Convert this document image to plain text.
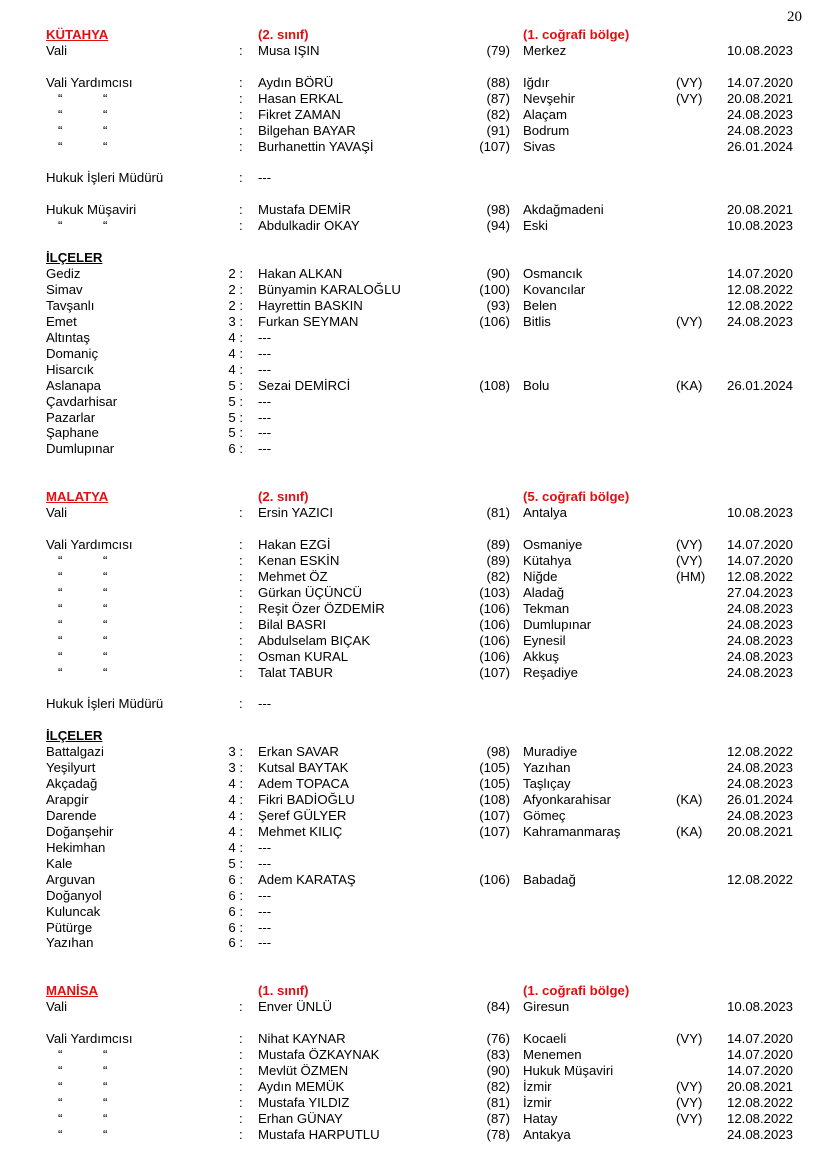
20
KÜTAHYA	(2. sınıf)	(1. coğrafi bölge)
Vali	: Musa IŞIN	(79) Merkez	10.08.2023
Vali Yardımcısı	: Aydın BÖRÜ	(88) Iğdır	(VY) 14.07.2020
“	“	: Hasan ERKAL	(87) Nevşehir	(VY) 20.08.2021
“	“	: Fikret ZAMAN	(82) Alaçam	24.08.2023
“	“	: Bilgehan BAYAR	(91) Bodrum	24.08.2023
“	“	: Burhanettin YAVAŞİ	(107) Sivas	26.01.2024
Hukuk İşleri Müdürü	: ---
Hukuk Müşaviri	: Mustafa DEMİR	(98) Akdağmadeni	20.08.2021
“	“	: Abdulkadir OKAY	(94) Eski	10.08.2023
İLÇELER
Gediz	2 : Hakan ALKAN	(90) Osmancık	14.07.2020
Simav	2 : Bünyamin KARALOĞLU	(100) Kovancılar	12.08.2022
Tavşanlı	2 : Hayrettin BASKIN	(93) Belen	12.08.2022
Emet	3 : Furkan SEYMAN	(106) Bitlis	(VY) 24.08.2023
Altıntaş	4 : ---
Domaniç	4 : ---
Hisarcık	4 : ---
Aslanapa	5 : Sezai DEMİRCİ	(108) Bolu	(KA) 26.01.2024
Çavdarhisar	5 : ---
Pazarlar	5 : ---
Şaphane	5 : ---
Dumlupınar	6 : ---
MALATYA	(2. sınıf)	(5. coğrafi bölge)
Vali	: Ersin YAZICI	(81) Antalya	10.08.2023
Vali Yardımcısı	: Hakan EZGİ	(89) Osmaniye	(VY) 14.07.2020
“	“	: Kenan ESKİN	(89) Kütahya	(VY) 14.07.2020
“	“	: Mehmet ÖZ	(82) Niğde	(HM) 12.08.2022
“	“	: Gürkan ÜÇÜNCÜ	(103) Aladağ	27.04.2023
“	“	: Reşit Özer ÖZDEMİR	(106) Tekman	24.08.2023
“	“	: Bilal BASRI	(106) Dumlupınar	24.08.2023
“	“	: Abdulselam BIÇAK	(106) Eynesil	24.08.2023
“	“	: Osman KURAL	(106) Akkuş	24.08.2023
“	“	: Talat TABUR	(107) Reşadiye	24.08.2023
Hukuk İşleri Müdürü	: ---
İLÇELER
Battalgazi	3 : Erkan SAVAR	(98) Muradiye	12.08.2022
Yeşilyurt	3 : Kutsal BAYTAK	(105) Yazıhan	24.08.2023
Akçadağ	4 : Adem TOPACA	(105) Taşlıçay	24.08.2023
Arapgir	4 : Fikri BADİOĞLU	(108) Afyonkarahisar	(KA) 26.01.2024
Darende	4 : Şeref GÜLYER	(107) Gömeç	24.08.2023
Doğanşehir	4 : Mehmet KILIÇ	(107) Kahramanmaraş	(KA) 20.08.2021
Hekimhan	4 : ---
Kale	5 : ---
Arguvan	6 : Adem KARATAŞ	(106) Babadağ	12.08.2022
Doğanyol	6 : ---
Kuluncak	6 : ---
Pütürge	6 : ---
Yazıhan	6 : ---
MANİSA	(1. sınıf)	(1. coğrafi bölge)
Vali	: Enver ÜNLÜ	(84) Giresun	10.08.2023
Vali Yardımcısı	: Nihat KAYNAR	(76) Kocaeli	(VY) 14.07.2020
“	“	: Mustafa ÖZKAYNAK	(83) Menemen	14.07.2020
“	“	: Mevlüt ÖZMEN	(90) Hukuk Müşaviri	14.07.2020
“	“	: Aydın MEMÜK	(82) İzmir	(VY) 20.08.2021
“	“	: Mustafa YILDIZ	(81) İzmir	(VY) 12.08.2022
“	“	: Erhan GÜNAY	(87) Hatay	(VY) 12.08.2022
“	“	: Mustafa HARPUTLU	(78) Antakya	24.08.2023
